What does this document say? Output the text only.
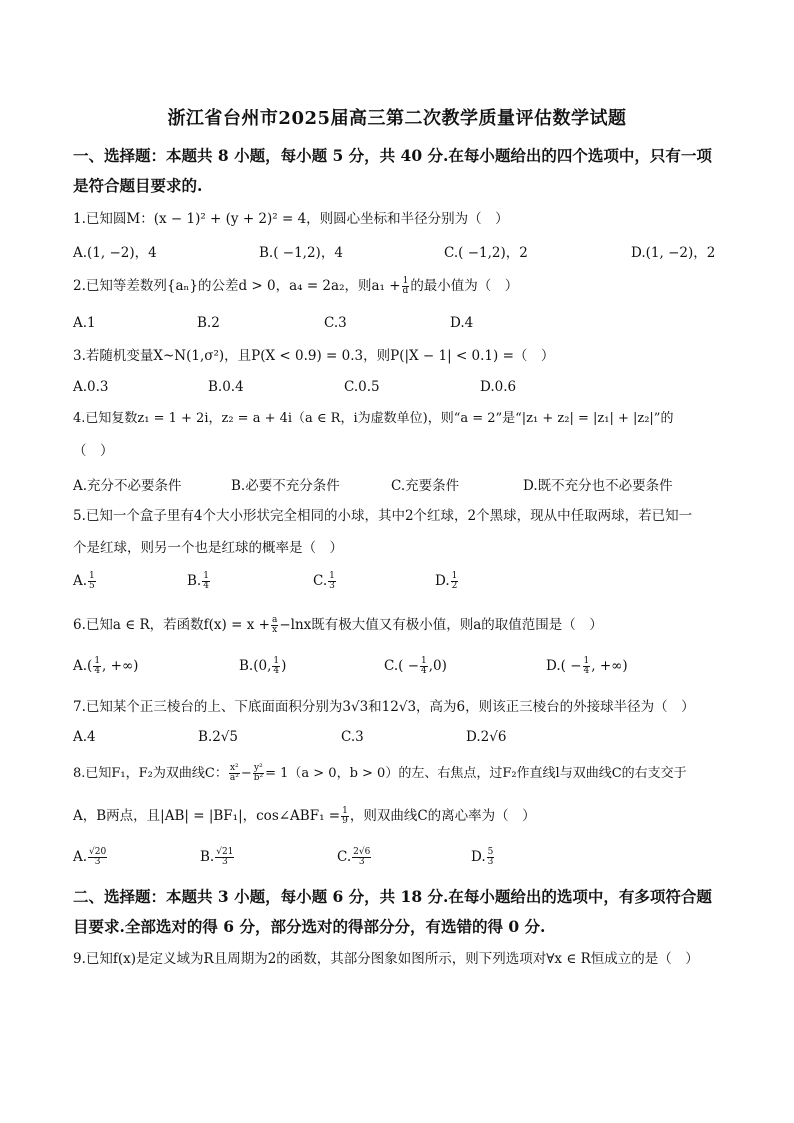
浙江省台州市2025届高三第二次教学质量评估数学试题
一、选择题：本题共 8 小题，每小题 5 分，共 40 分.在每小题给出的四个选项中，只有一项
是符合题目要求的.
1.已知圆M：(x − 1)² + (y + 2)² = 4，则圆心坐标和半径分别为（　）
A.(1, −2)，4	B.( −1,2)，4	C.( −1,2)，2	D.(1, −2)，2
2.已知等差数列{aₙ}的公差d > 0，a₄ = 2a₂，则$a_1 + \frac{1}{d}$ 的最小值为（　）
A.1	B.2	C.3	D.4
3.若随机变量X~N(1,σ²)，且P(X < 0.9) = 0.3，则P(|X − 1| < 0.1) =（　）
A.0.3	B.0.4	C.0.5	D.0.6
4.已知复数z₁ = 1 + 2i，z₂ = a + 4i（a ∈ R，i为虚数单位)，则“a = 2”是“|z₁ + z₂| = |z₁| + |z₂|”的
（　）
A.充分不必要条件	B.必要不充分条件	C.充要条件	D.既不充分也不必要条件
5.已知一个盒子里有4个大小形状完全相同的小球，其中2个红球，2个黑球，现从中任取两球，若已知一
个是红球，则另一个也是红球的概率是（　）
A. $\frac{1}{5}$	B. $\frac{1}{4}$	C. $\frac{1}{3}$	D. $\frac{1}{2}$
6.已知a ∈ R，若函数$f(x) = x + \frac{a}{x} -\ln x$既有极大值又有极小值，则a的取值范围是（　）
$A.( \frac{1}{4}$ , +∞)	B.(0, $\frac{1}{4}$ )	$C.( - \frac{1}{4} ,0)$	$D.( - \frac{1}{4}$ , +∞)
7.已知某个正三棱台的上、下底面面积分别为3√3和12√3，高为6，则该正三棱台的外接球半径为（　）
A.4	B.2√5	C.3	D.2√6
8.已知F₁，F₂为双曲线C： $\frac{\text{x²}}{\text{a²}} - \frac{\text{y²}}{\text{b²}} = 1(a > 0$，b > 0）的左、右焦点，过F₂作直线l与双曲线C的右支交于
A，B两点，且|AB| = |BF₁|，cos∠ABF₁ = $\frac{1}{9}$ ，则双曲线C的离心率为（　）
A. $\frac{√20}{3}$	B. $\frac{√21}{3}$	C. $\frac{2√6}{3}$	D. $\frac{5}{3}$
二、选择题：本题共 3 小题，每小题 6 分，共 18 分.在每小题给出的选项中，有多项符合题
目要求.全部选对的得 6 分，部分选对的得部分分，有选错的得 0 分.
9.已知f(x)是定义域为R且周期为2的函数，其部分图象如图所示，则下列选项对∀x ∈ R恒成立的是（　）
